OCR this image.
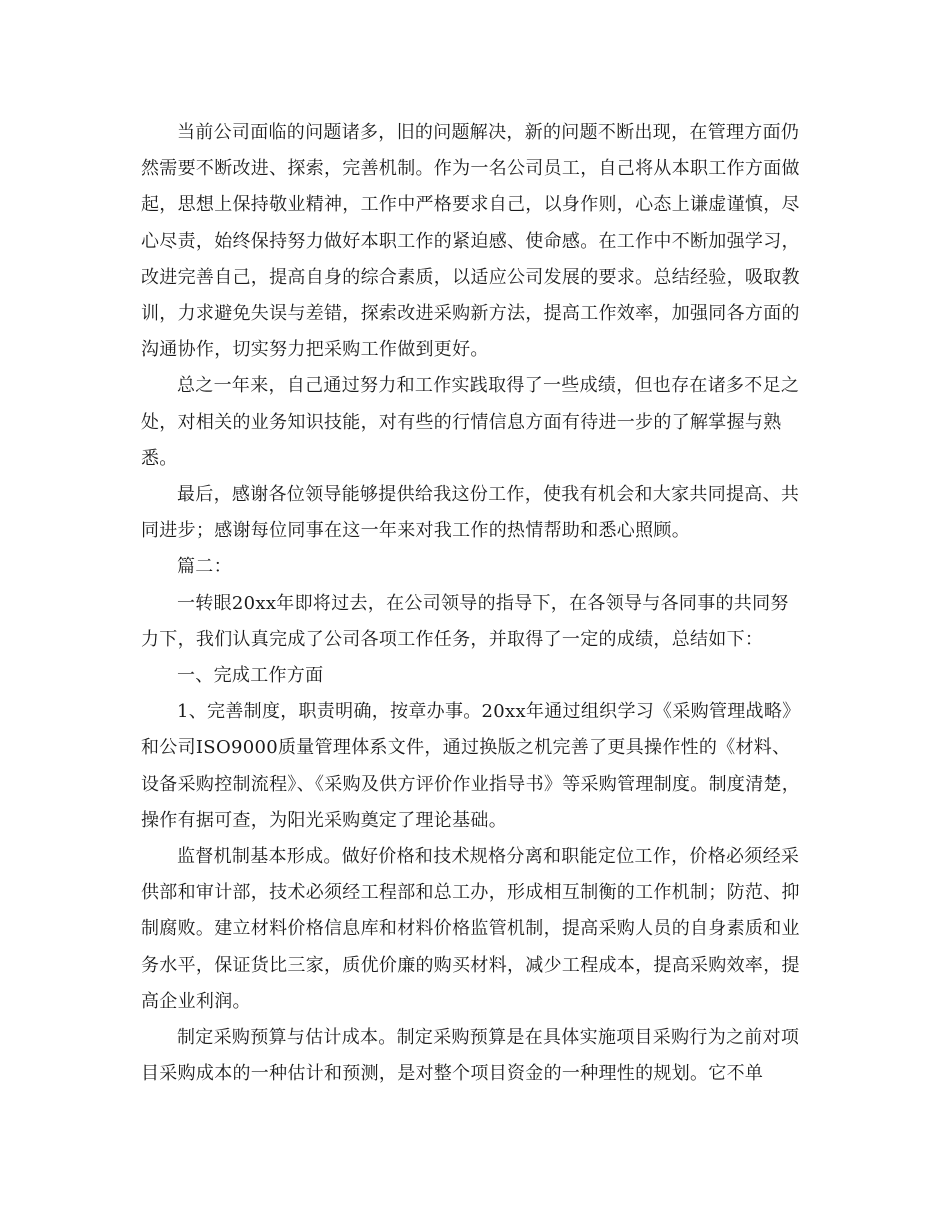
当前公司面临的问题诸多，旧的问题解决，新的问题不断出现，在管理方面仍然需要不断改进、探索，完善机制。作为一名公司员工，自己将从本职工作方面做起，思想上保持敬业精神，工作中严格要求自己，以身作则，心态上谦虚谨慎，尽心尽责，始终保持努力做好本职工作的紧迫感、使命感。在工作中不断加强学习，改进完善自己，提高自身的综合素质，以适应公司发展的要求。总结经验，吸取教训，力求避免失误与差错，探索改进采购新方法，提高工作效率，加强同各方面的沟通协作，切实努力把采购工作做到更好。

总之一年来，自己通过努力和工作实践取得了一些成绩，但也存在诸多不足之处，对相关的业务知识技能，对有些的行情信息方面有待进一步的了解掌握与熟悉。

最后，感谢各位领导能够提供给我这份工作，使我有机会和大家共同提高、共同进步；感谢每位同事在这一年来对我工作的热情帮助和悉心照顾。

篇二：

一转眼20xx年即将过去，在公司领导的指导下，在各领导与各同事的共同努力下，我们认真完成了公司各项工作任务，并取得了一定的成绩，总结如下：

一、完成工作方面

1、完善制度，职责明确，按章办事。20xx年通过组织学习《采购管理战略》和公司ISO9000质量管理体系文件，通过换版之机完善了更具操作性的《材料、设备采购控制流程》、《采购及供方评价作业指导书》等采购管理制度。制度清楚，操作有据可查，为阳光采购奠定了理论基础。

监督机制基本形成。做好价格和技术规格分离和职能定位工作，价格必须经采供部和审计部，技术必须经工程部和总工办，形成相互制衡的工作机制；防范、抑制腐败。建立材料价格信息库和材料价格监管机制，提高采购人员的自身素质和业务水平，保证货比三家，质优价廉的购买材料，减少工程成本，提高采购效率，提高企业利润。

制定采购预算与估计成本。制定采购预算是在具体实施项目采购行为之前对项目采购成本的一种估计和预测，是对整个项目资金的一种理性的规划。它不单
